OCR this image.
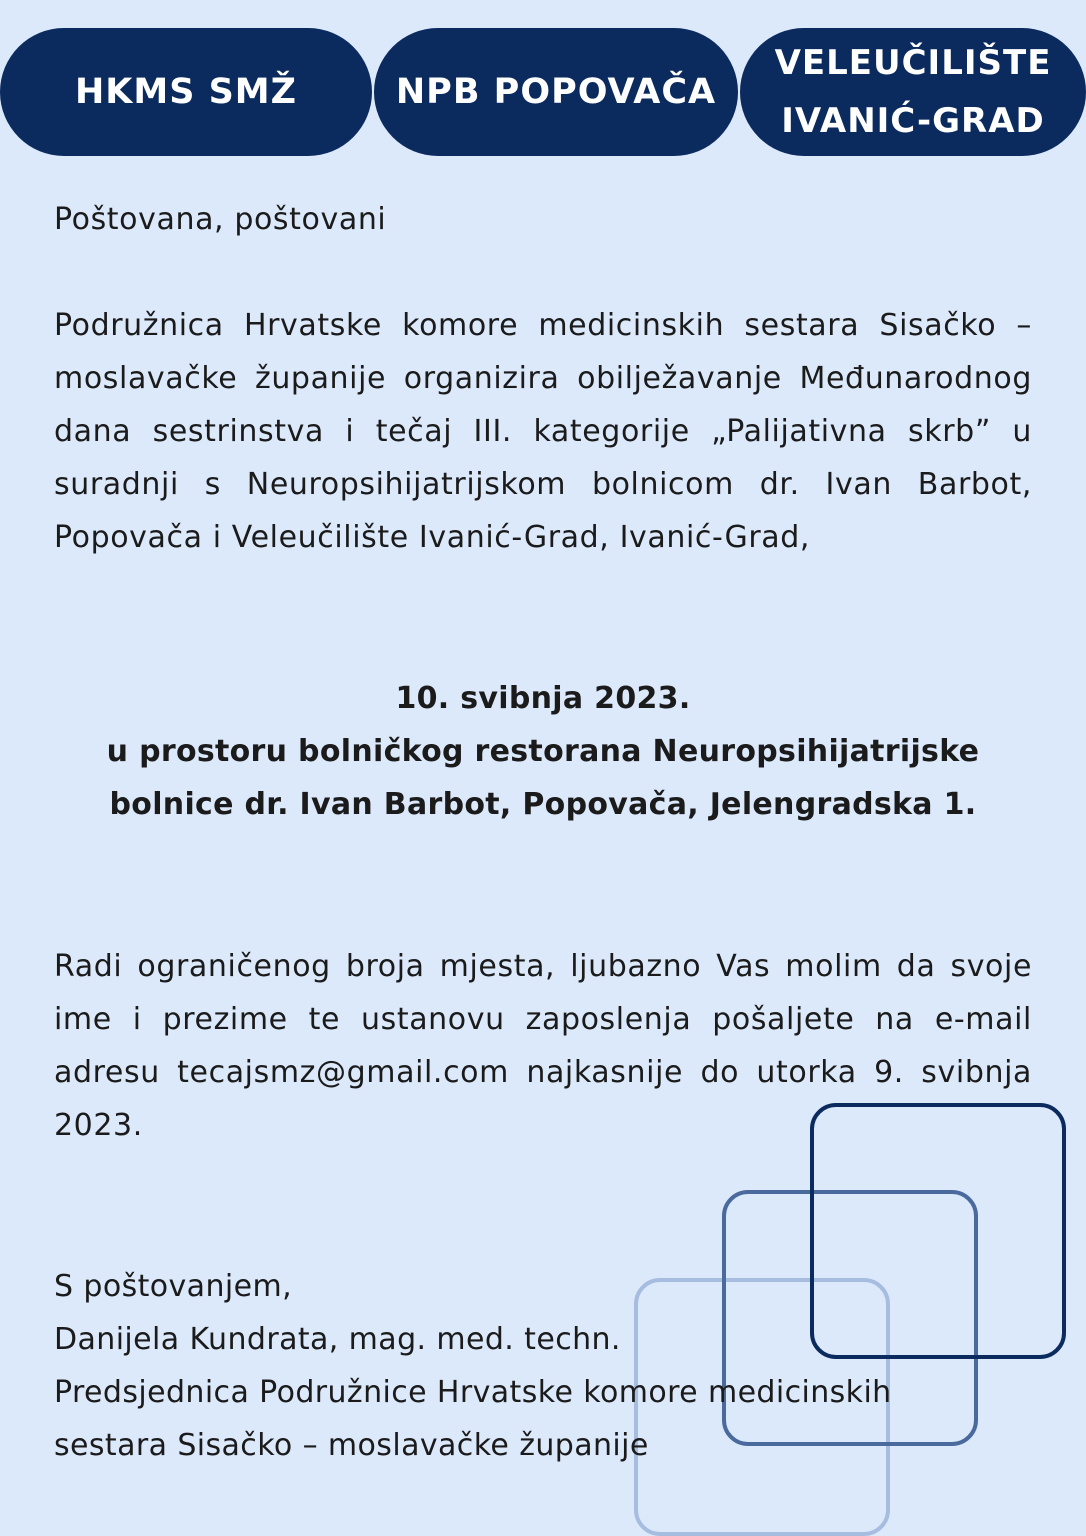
HKMS SMŽ	NPB POPOVAČA
VELEUČILIŠTE
IVANIĆ-GRAD

Poštovana, poštovani

Podružnica Hrvatske komore medicinskih sestara Sisačko – moslavačke županije organizira obilježavanje Međunarodnog dana sestrinstva i tečaj III. kategorije „Palijativna skrb” u suradnji s Neuropsihijatrijskom bolnicom dr. Ivan Barbot, Popovača i Veleučilište Ivanić-Grad, Ivanić-Grad,

10. svibnja 2023.
u prostoru bolničkog restorana Neuropsihijatrijske
bolnice dr. Ivan Barbot, Popovača, Jelengradska 1.

Radi ograničenog broja mjesta, ljubazno Vas molim da svoje ime i prezime te ustanovu zaposlenja pošaljete na e-mail adresu tecajsmz@gmail.com najkasnije do utorka 9. svibnja 2023.

S poštovanjem,
Danijela Kundrata, mag. med. techn.
Predsjednica Podružnice Hrvatske komore medicinskih
sestara Sisačko – moslavačke županije
